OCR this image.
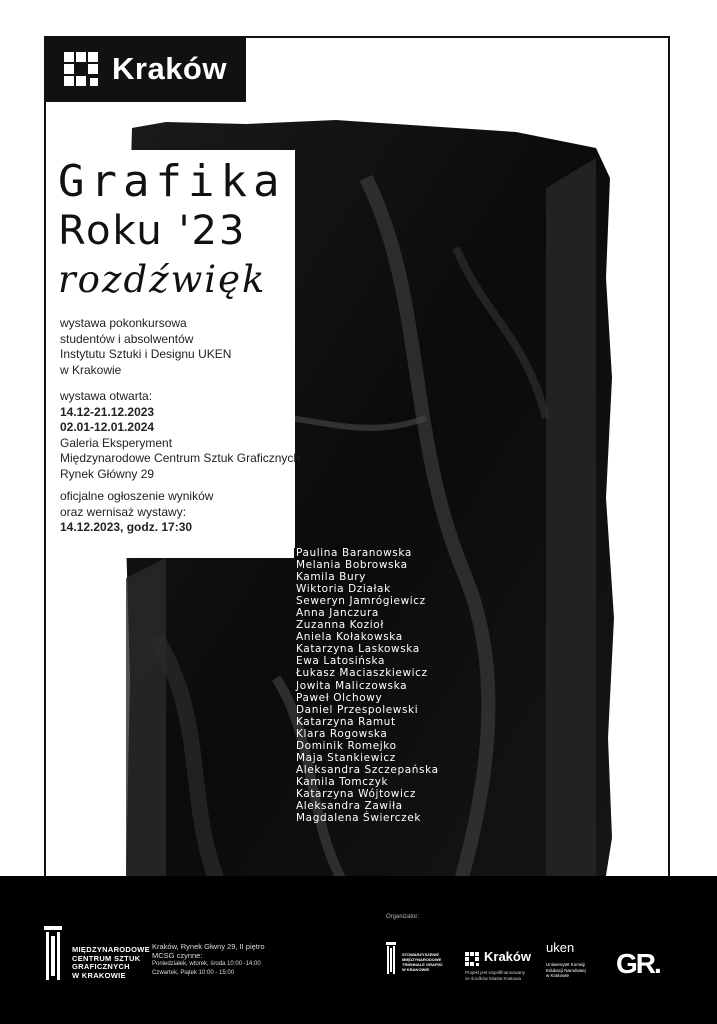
Kraków
Grafika
Roku '23
rozdźwięk
wystawa pokonkursowa
studentów i absolwentów
Instytutu Sztuki i Designu UKEN
w Krakowie
wystawa otwarta:
14.12-21.12.2023
02.01-12.01.2024
Galeria Eksperyment
Międzynarodowe Centrum Sztuk Graficznych
Rynek Główny 29
oficjalne ogłoszenie wyników
oraz wernisaż wystawy:
14.12.2023, godz. 17:30
Paulina Baranowska
Melania Bobrowska
Kamila Bury
Wiktoria Działak
Seweryn Jamrógiewicz
Anna Janczura
Zuzanna Kozioł
Aniela Kołakowska
Katarzyna Laskowska
Ewa Latosińska
Łukasz Maciaszkiewicz
Jowita Maliczowska
Paweł Olchowy
Daniel Przespolewski
Katarzyna Ramut
Klara Rogowska
Dominik Romejko
Maja Stankiewicz
Aleksandra Szczepańska
Kamila Tomczyk
Katarzyna Wójtowicz
Aleksandra Zawiła
Magdalena Świerczek
Organizator:
MIĘDZYNARODOWE
CENTRUM SZTUK
GRAFICZNYCH
W KRAKOWIE
Kraków, Rynek Głwny 29, II piętro
MCSG czynne:
Poniedziałek, wtorek, środa 10:00 -14:00
Czwartek, Piątek 10:00 - 15:00
STOWARZYSZENIE
MIĘDZYNARODOWE
TRIENNALE GRAFIKI
W KRAKOWIE
Kraków
Projekt jest współfinansowany
ze środków Miasta Krakowa
uken
Uniwersytet Komisji
Edukacji Narodowej
w Krakowie	GR.
